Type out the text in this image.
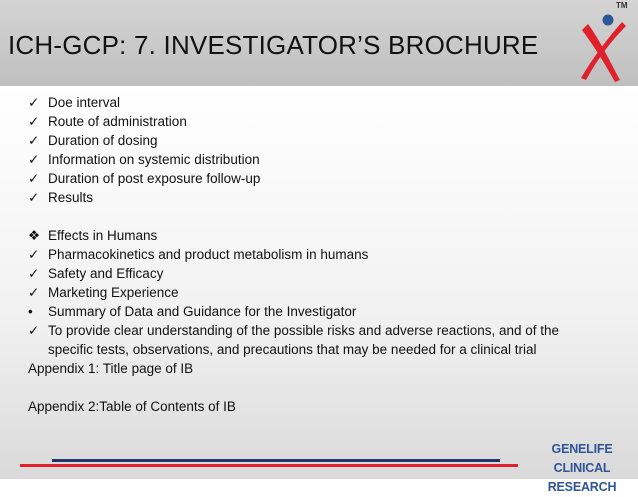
ICH-GCP: 7. INVESTIGATOR’S BROCHURE
TM
✓ Doe interval
✓ Route of administration
✓ Duration of dosing
✓ Information on systemic distribution
✓ Duration of post exposure follow-up
✓ Results
❖ Effects in Humans
✓ Pharmacokinetics and product metabolism in humans
✓ Safety and Efficacy
✓ Marketing Experience
•	Summary of Data and Guidance for the Investigator
✓ To provide clear understanding of the possible risks and adverse reactions, and of the specific tests, observations, and precautions that may be needed for a clinical trial
Appendix 1: Title page of IB
Appendix 2:Table of Contents of IB
GENELIFE CLINICAL
RESEARCH
